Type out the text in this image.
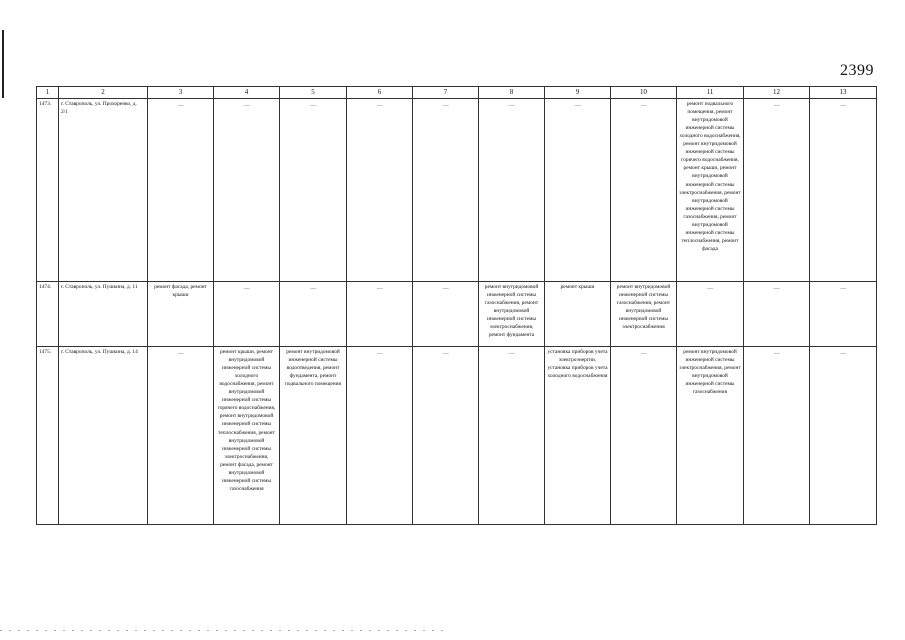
2399
1	2	3	4	5	6	7	8	9	10	11	12	13
1473.	г. Ставрополь, ул. Прохоренко, д. 2/1	—	—	—	—	—	—	—	—	ремонт подвального помещения, ремонт внутридомовой инженерной системы холодного водоснабжения, ремонт внутридомовой инженерной системы горячего водоснабжения, ремонт крыши, ремонт внутридомовой инженерной системы электроснабжения, ремонт внутридомовой инженерной системы газоснабжения, ремонт внутридомовой инженерной системы теплоснабжения, ремонт фасада	—	—

1474.	г. Ставрополь, ул. Пушкина, д. 11	ремонт фасада, ремонт крыши	—	—	—	—	ремонт внутридомовой инженерной системы газоснабжения, ремонт внутридомовой инженерной системы электроснабжения, ремонт фундамента	ремонт крыши	ремонт внутридомовой инженерной системы газоснабжения, ремонт внутридомовой инженерной системы электроснабжения	—	—	—

1475.	г. Ставрополь, ул. Пушкина, д. 14	—	ремонт крыши, ремонт внутридомовой инженерной системы холодного водоснабжения, ремонт внутридомовой инженерной системы горячего водоснабжения, ремонт внутридомовой инженерной системы теплоснабжения, ремонт внутридомовой инженерной системы электроснабжения, ремонт фасада, ремонт внутридомовой инженерной системы газоснабжения	ремонт внутридомовой инженерной системы водоотведения, ремонт фундамента, ремонт подвального помещения	—	—	—	установка приборов учета электроэнергии, установка приборов учета холодного водоснабжения	—	ремонт внутридомовой инженерной системы электроснабжения, ремонт внутридомовой инженерной системы газоснабжения	—	—
